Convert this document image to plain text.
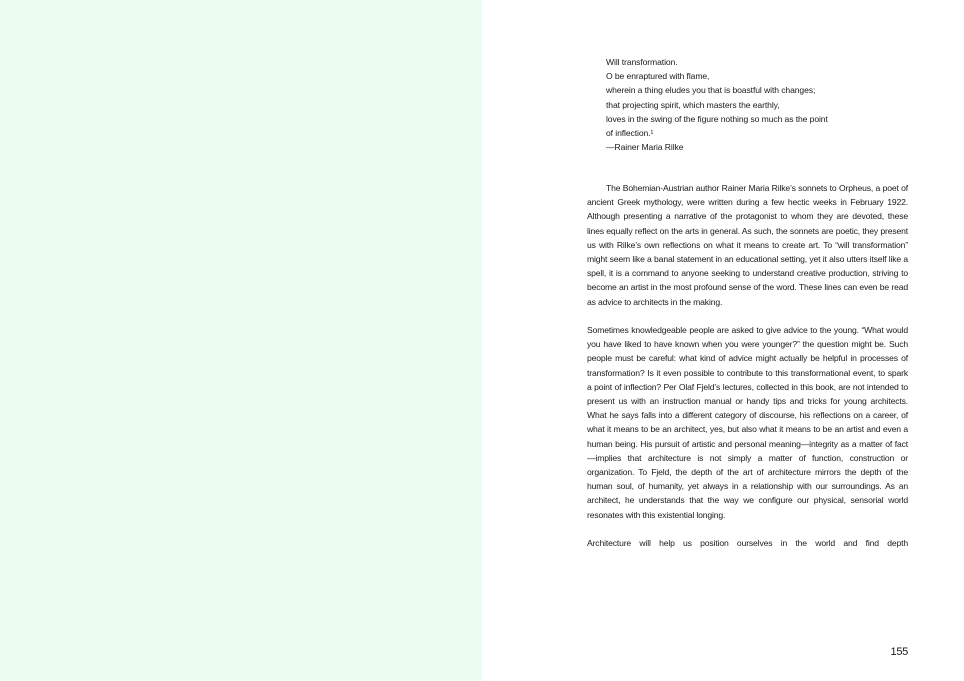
Will transformation.
O be enraptured with flame,
wherein a thing eludes you that is boastful with changes;
that projecting spirit, which masters the earthly,
loves in the swing of the figure nothing so much as the point
of inflection.¹
—Rainer Maria Rilke

The Bohemian-Austrian author Rainer Maria Rilke’s sonnets to Orpheus, a poet of ancient Greek mythology, were written during a few hectic weeks in February 1922. Although presenting a narrative of the protagonist to whom they are devoted, these lines equally reflect on the arts in general. As such, the sonnets are poetic, they present us with Rilke’s own reflections on what it means to create art. To “will transformation” might seem like a banal statement in an educational setting, yet it also utters itself like a spell, it is a command to anyone seeking to understand creative production, striving to become an artist in the most profound sense of the word. These lines can even be read as advice to architects in the making.

Sometimes knowledgeable people are asked to give advice to the young. “What would you have liked to have known when you were younger?” the question might be. Such people must be careful: what kind of advice might actually be helpful in processes of transformation? Is it even possible to contribute to this transformational event, to spark a point of inflection? Per Olaf Fjeld’s lectures, collected in this book, are not intended to present us with an instruction manual or handy tips and tricks for young architects. What he says falls into a different category of discourse, his reflections on a career, of what it means to be an architect, yes, but also what it means to be an artist and even a human being. His pursuit of artistic and personal meaning—integrity as a matter of fact—implies that architecture is not simply a matter of function, construction or organization. To Fjeld, the depth of the art of architecture mirrors the depth of the human soul, of humanity, yet always in a relationship with our surroundings. As an architect, he understands that the way we configure our physical, sensorial world resonates with this existential longing.

Architecture will help us position ourselves in the world and find depth

155
